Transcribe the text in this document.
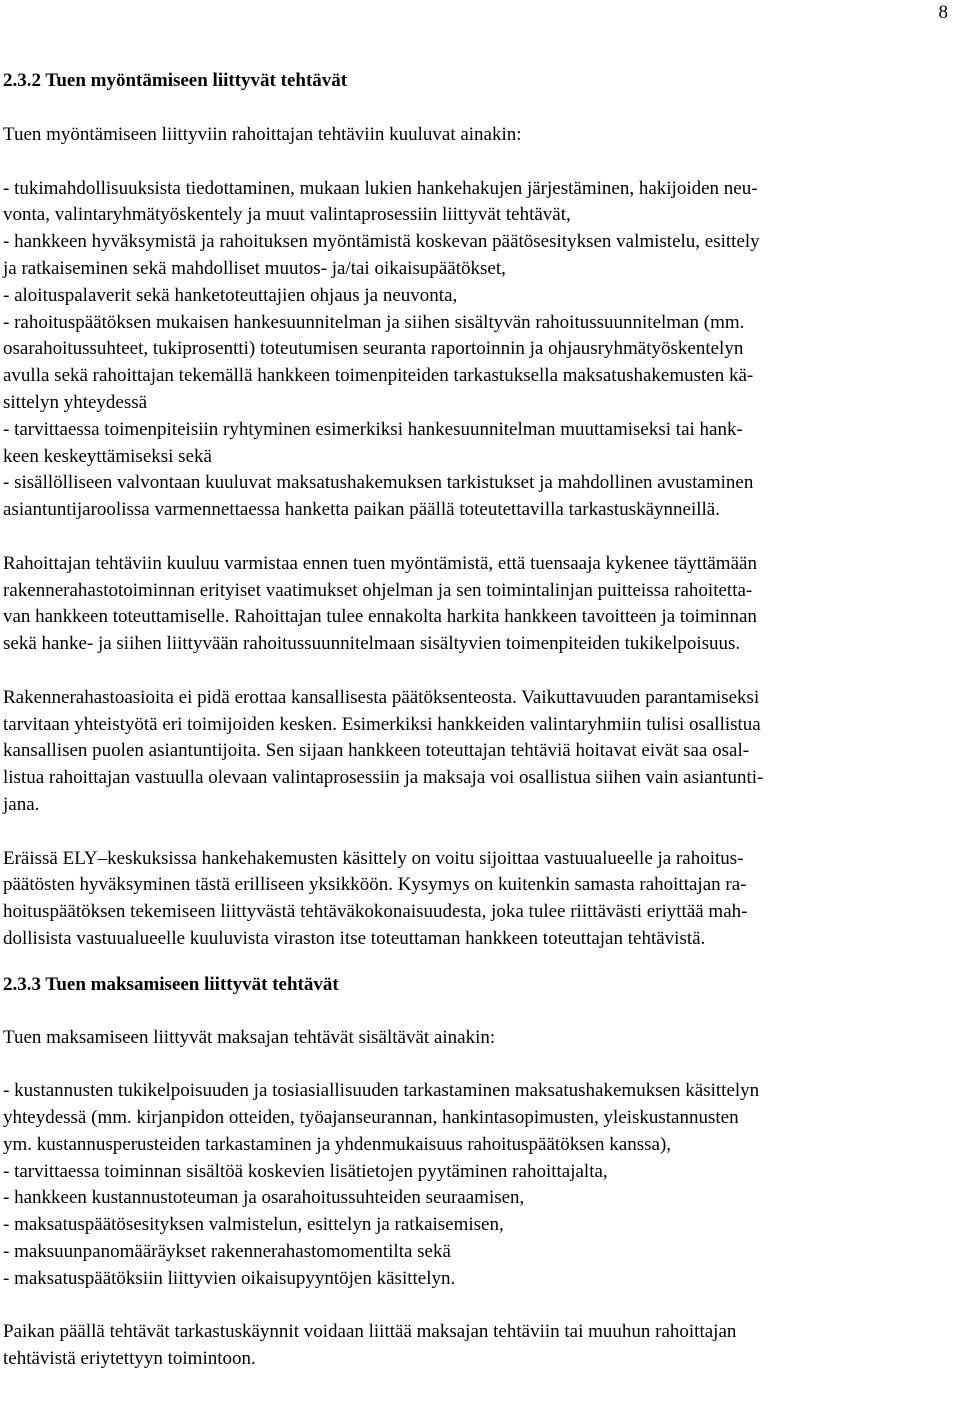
8

2.3.2 Tuen myöntämiseen liittyvät tehtävät

Tuen myöntämiseen liittyviin rahoittajan tehtäviin kuuluvat ainakin:

- tukimahdollisuuksista tiedottaminen, mukaan lukien hankehakujen järjestäminen, hakijoiden neu-

vonta, valintaryhmätyöskentely ja muut valintaprosessiin liittyvät tehtävät,

- hankkeen hyväksymistä ja rahoituksen myöntämistä koskevan päätösesityksen valmistelu, esittely

ja ratkaiseminen sekä mahdolliset muutos- ja/tai oikaisupäätökset,

- aloituspalaverit sekä hanketoteuttajien ohjaus ja neuvonta,

- rahoituspäätöksen mukaisen hankesuunnitelman ja siihen sisältyvän rahoitussuunnitelman (mm.

osarahoitussuhteet, tukiprosentti) toteutumisen seuranta raportoinnin ja ohjausryhmätyöskentelyn

avulla sekä rahoittajan tekemällä hankkeen toimenpiteiden tarkastuksella maksatushakemusten kä-

sittelyn yhteydessä

- tarvittaessa toimenpiteisiin ryhtyminen esimerkiksi hankesuunnitelman muuttamiseksi tai hank-

keen keskeyttämiseksi sekä

- sisällölliseen valvontaan kuuluvat maksatushakemuksen tarkistukset ja mahdollinen avustaminen

asiantuntijaroolissa varmennettaessa hanketta paikan päällä toteutettavilla tarkastuskäynneillä.

Rahoittajan tehtäviin kuuluu varmistaa ennen tuen myöntämistä, että tuensaaja kykenee täyttämään

rakennerahastotoiminnan erityiset vaatimukset ohjelman ja sen toimintalinjan puitteissa rahoitetta-

van hankkeen toteuttamiselle. Rahoittajan tulee ennakolta harkita hankkeen tavoitteen ja toiminnan

sekä hanke- ja siihen liittyvään rahoitussuunnitelmaan sisältyvien toimenpiteiden tukikelpoisuus.

Rakennerahastoasioita ei pidä erottaa kansallisesta päätöksenteosta. Vaikuttavuuden parantamiseksi

tarvitaan yhteistyötä eri toimijoiden kesken. Esimerkiksi hankkeiden valintaryhmiin tulisi osallistua

kansallisen puolen asiantuntijoita. Sen sijaan hankkeen toteuttajan tehtäviä hoitavat eivät saa osal-

listua rahoittajan vastuulla olevaan valintaprosessiin ja maksaja voi osallistua siihen vain asiantunti-

jana.

Eräissä ELY–keskuksissa hankehakemusten käsittely on voitu sijoittaa vastuualueelle ja rahoitus-

päätösten hyväksyminen tästä erilliseen yksikköön. Kysymys on kuitenkin samasta rahoittajan ra-

hoituspäätöksen tekemiseen liittyvästä tehtäväkokonaisuudesta, joka tulee riittävästi eriyttää mah-

dollisista vastuualueelle kuuluvista viraston itse toteuttaman hankkeen toteuttajan tehtävistä.

2.3.3 Tuen maksamiseen liittyvät tehtävät

Tuen maksamiseen liittyvät maksajan tehtävät sisältävät ainakin:

- kustannusten tukikelpoisuuden ja tosiasiallisuuden tarkastaminen maksatushakemuksen käsittelyn

yhteydessä (mm. kirjanpidon otteiden, työajanseurannan, hankintasopimusten, yleiskustannusten

ym. kustannusperusteiden tarkastaminen ja yhdenmukaisuus rahoituspäätöksen kanssa),

- tarvittaessa toiminnan sisältöä koskevien lisätietojen pyytäminen rahoittajalta,

- hankkeen kustannustoteuman ja osarahoitussuhteiden seuraamisen,

- maksatuspäätösesityksen valmistelun, esittelyn ja ratkaisemisen,

- maksuunpanomääräykset rakennerahastomomentilta sekä

- maksatuspäätöksiin liittyvien oikaisupyyntöjen käsittelyn.

Paikan päällä tehtävät tarkastuskäynnit voidaan liittää maksajan tehtäviin tai muuhun rahoittajan

tehtävistä eriytettyyn toimintoon.
